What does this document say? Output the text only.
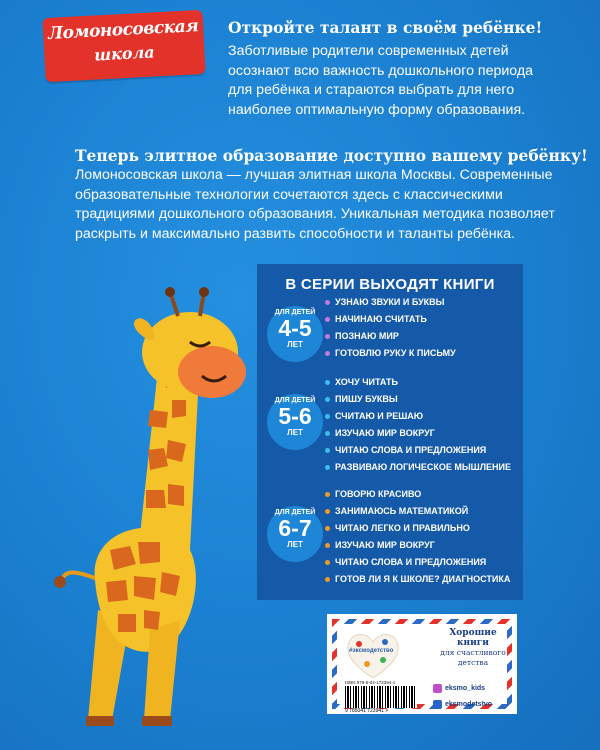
Ломоносовская
школа
Откройте талант в своём ребёнке!
Заботливые родители современных детей осознают всю важность дошкольного периода для ребёнка и стараются выбрать для него наиболее оптимальную форму образования.
Теперь элитное образование доступно вашему ребёнку!
Ломоносовская школа — лучшая элитная школа Москвы. Современные образовательные технологии сочетаются здесь с классическими традициями дошкольного образования. Уникальная методика позволяет раскрыть и максимально развить способности и таланты ребёнка.
В СЕРИИ ВЫХОДЯТ КНИГИ
ДЛЯ ДЕТЕЙ
4-5
ЛЕТ
УЗНАЮ ЗВУКИ И БУКВЫ
НАЧИНАЮ СЧИТАТЬ
ПОЗНАЮ МИР
ГОТОВЛЮ РУКУ К ПИСЬМУ
ДЛЯ ДЕТЕЙ
5-6
ЛЕТ
ХОЧУ ЧИТАТЬ
ПИШУ БУКВЫ
СЧИТАЮ И РЕШАЮ
ИЗУЧАЮ МИР ВОКРУГ
ЧИТАЮ СЛОВА И ПРЕДЛОЖЕНИЯ
РАЗВИВАЮ ЛОГИЧЕСКОЕ МЫШЛЕНИЕ
ДЛЯ ДЕТЕЙ
6-7
ЛЕТ
ГОВОРЮ КРАСИВО
ЗАНИМАЮСЬ МАТЕМАТИКОЙ
ЧИТАЮ ЛЕГКО И ПРАВИЛЬНО
ИЗУЧАЮ МИР ВОКРУГ
ЧИТАЮ СЛОВА И ПРЕДЛОЖЕНИЯ
ГОТОВ ЛИ Я К ШКОЛЕ? ДИАГНОСТИКА
#эксмодетство
Хорошие
книги
для счастливого
детства
ISBN 978-5-04-172394-1
9 785041 723941 >
eksmo_kids
eksmodetstvo
